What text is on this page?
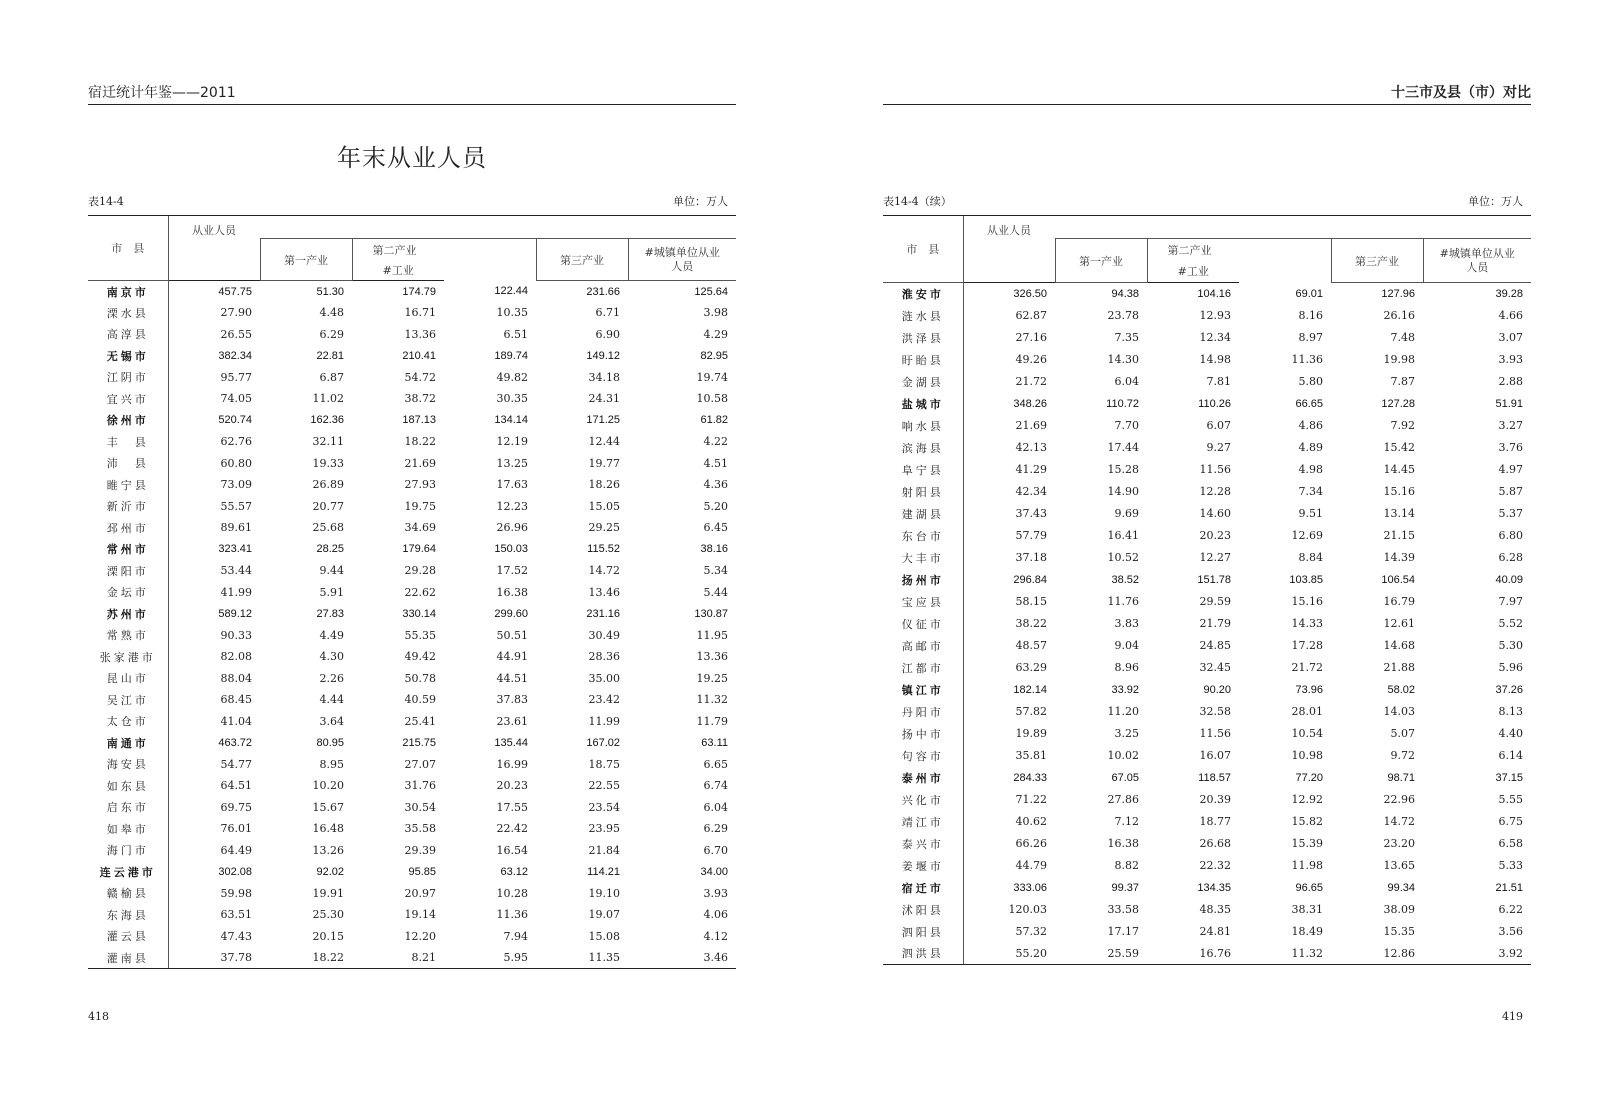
宿迁统计年鉴——2011
年末从业人员
表14-4	单位：万人
市　县	从业人员					
		第一产业	第二产业		第三产业	#城镇单位从业人员
			#工业			
南京市	457.75	51.30	174.79	122.44	231.66	125.64
溧水县	27.90	4.48	16.71	10.35	6.71	3.98
高淳县	26.55	6.29	13.36	6.51	6.90	4.29
无锡市	382.34	22.81	210.41	189.74	149.12	82.95
江阴市	95.77	6.87	54.72	49.82	34.18	19.74
宜兴市	74.05	11.02	38.72	30.35	24.31	10.58
徐州市	520.74	162.36	187.13	134.14	171.25	61.82
丰　县	62.76	32.11	18.22	12.19	12.44	4.22
沛　县	60.80	19.33	21.69	13.25	19.77	4.51
睢宁县	73.09	26.89	27.93	17.63	18.26	4.36
新沂市	55.57	20.77	19.75	12.23	15.05	5.20
邳州市	89.61	25.68	34.69	26.96	29.25	6.45
常州市	323.41	28.25	179.64	150.03	115.52	38.16
溧阳市	53.44	9.44	29.28	17.52	14.72	5.34
金坛市	41.99	5.91	22.62	16.38	13.46	5.44
苏州市	589.12	27.83	330.14	299.60	231.16	130.87
常熟市	90.33	4.49	55.35	50.51	30.49	11.95
张家港市	82.08	4.30	49.42	44.91	28.36	13.36
昆山市	88.04	2.26	50.78	44.51	35.00	19.25
吴江市	68.45	4.44	40.59	37.83	23.42	11.32
太仓市	41.04	3.64	25.41	23.61	11.99	11.79
南通市	463.72	80.95	215.75	135.44	167.02	63.11
海安县	54.77	8.95	27.07	16.99	18.75	6.65
如东县	64.51	10.20	31.76	20.23	22.55	6.74
启东市	69.75	15.67	30.54	17.55	23.54	6.04
如皋市	76.01	16.48	35.58	22.42	23.95	6.29
海门市	64.49	13.26	29.39	16.54	21.84	6.70
连云港市	302.08	92.02	95.85	63.12	114.21	34.00
赣榆县	59.98	19.91	20.97	10.28	19.10	3.93
东海县	63.51	25.30	19.14	11.36	19.07	4.06
灌云县	47.43	20.15	12.20	7.94	15.08	4.12
灌南县	37.78	18.22	8.21	5.95	11.35	3.46
418
十三市及县（市）对比
表14-4（续）	单位：万人
市　县	从业人员					
		第一产业	第二产业		第三产业	#城镇单位从业人员
			#工业			
淮安市	326.50	94.38	104.16	69.01	127.96	39.28
涟水县	62.87	23.78	12.93	8.16	26.16	4.66
洪泽县	27.16	7.35	12.34	8.97	7.48	3.07
盱眙县	49.26	14.30	14.98	11.36	19.98	3.93
金湖县	21.72	6.04	7.81	5.80	7.87	2.88
盐城市	348.26	110.72	110.26	66.65	127.28	51.91
响水县	21.69	7.70	6.07	4.86	7.92	3.27
滨海县	42.13	17.44	9.27	4.89	15.42	3.76
阜宁县	41.29	15.28	11.56	4.98	14.45	4.97
射阳县	42.34	14.90	12.28	7.34	15.16	5.87
建湖县	37.43	9.69	14.60	9.51	13.14	5.37
东台市	57.79	16.41	20.23	12.69	21.15	6.80
大丰市	37.18	10.52	12.27	8.84	14.39	6.28
扬州市	296.84	38.52	151.78	103.85	106.54	40.09
宝应县	58.15	11.76	29.59	15.16	16.79	7.97
仪征市	38.22	3.83	21.79	14.33	12.61	5.52
高邮市	48.57	9.04	24.85	17.28	14.68	5.30
江都市	63.29	8.96	32.45	21.72	21.88	5.96
镇江市	182.14	33.92	90.20	73.96	58.02	37.26
丹阳市	57.82	11.20	32.58	28.01	14.03	8.13
扬中市	19.89	3.25	11.56	10.54	5.07	4.40
句容市	35.81	10.02	16.07	10.98	9.72	6.14
泰州市	284.33	67.05	118.57	77.20	98.71	37.15
兴化市	71.22	27.86	20.39	12.92	22.96	5.55
靖江市	40.62	7.12	18.77	15.82	14.72	6.75
泰兴市	66.26	16.38	26.68	15.39	23.20	6.58
姜堰市	44.79	8.82	22.32	11.98	13.65	5.33
宿迁市	333.06	99.37	134.35	96.65	99.34	21.51
沭阳县	120.03	33.58	48.35	38.31	38.09	6.22
泗阳县	57.32	17.17	24.81	18.49	15.35	3.56
泗洪县	55.20	25.59	16.76	11.32	12.86	3.92
419
